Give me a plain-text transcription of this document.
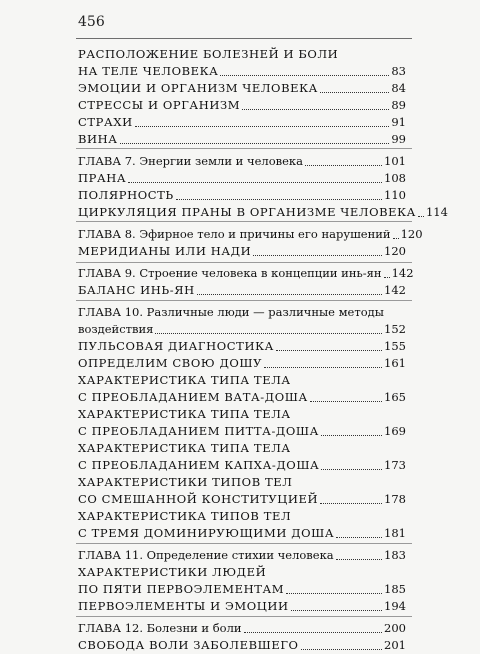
456
РАСПОЛОЖЕНИЕ БОЛЕЗНЕЙ И БОЛИ
НА ТЕЛЕ ЧЕЛОВЕКА	83
ЭМОЦИИ И ОРГАНИЗМ ЧЕЛОВЕКА	84
СТРЕССЫ И ОРГАНИЗМ	89
СТРАХИ	91
ВИНА	99
ГЛАВА 7. Энергии земли и человека	101
ПРАНА	108
ПОЛЯРНОСТЬ	110
ЦИРКУЛЯЦИЯ ПРАНЫ В ОРГАНИЗМЕ ЧЕЛОВЕКА 114
ГЛАВА 8. Эфирное тело и причины его нарушений 120
МЕРИДИАНЫ ИЛИ НАДИ	120
ГЛАВА 9. Строение человека в концепции инь-ян 142
БАЛАНС ИНЬ-ЯН	142
ГЛАВА 10. Различные люди — различные методы
воздействия	152
ПУЛЬСОВАЯ ДИАГНОСТИКА	155
ОПРЕДЕЛИМ СВОЮ ДОШУ	161
ХАРАКТЕРИСТИКА ТИПА ТЕЛА
С ПРЕОБЛАДАНИЕМ ВАТА-ДОША	165
ХАРАКТЕРИСТИКА ТИПА ТЕЛА
С ПРЕОБЛАДАНИЕМ ПИТТА-ДОША	169
ХАРАКТЕРИСТИКА ТИПА ТЕЛА
С ПРЕОБЛАДАНИЕМ КАПХА-ДОША	173
ХАРАКТЕРИСТИКИ ТИПОВ ТЕЛ
СО СМЕШАННОЙ КОНСТИТУЦИЕЙ	178
ХАРАКТЕРИСТИКА ТИПОВ ТЕЛ
С ТРЕМЯ ДОМИНИРУЮЩИМИ ДОША	181
ГЛАВА 11. Определение стихии человека	183
ХАРАКТЕРИСТИКИ ЛЮДЕЙ
ПО ПЯТИ ПЕРВОЭЛЕМЕНТАМ	185
ПЕРВОЭЛЕМЕНТЫ И ЭМОЦИИ	194
ГЛАВА 12. Болезни и боли	200
СВОБОДА ВОЛИ ЗАБОЛЕВШЕГО	201
